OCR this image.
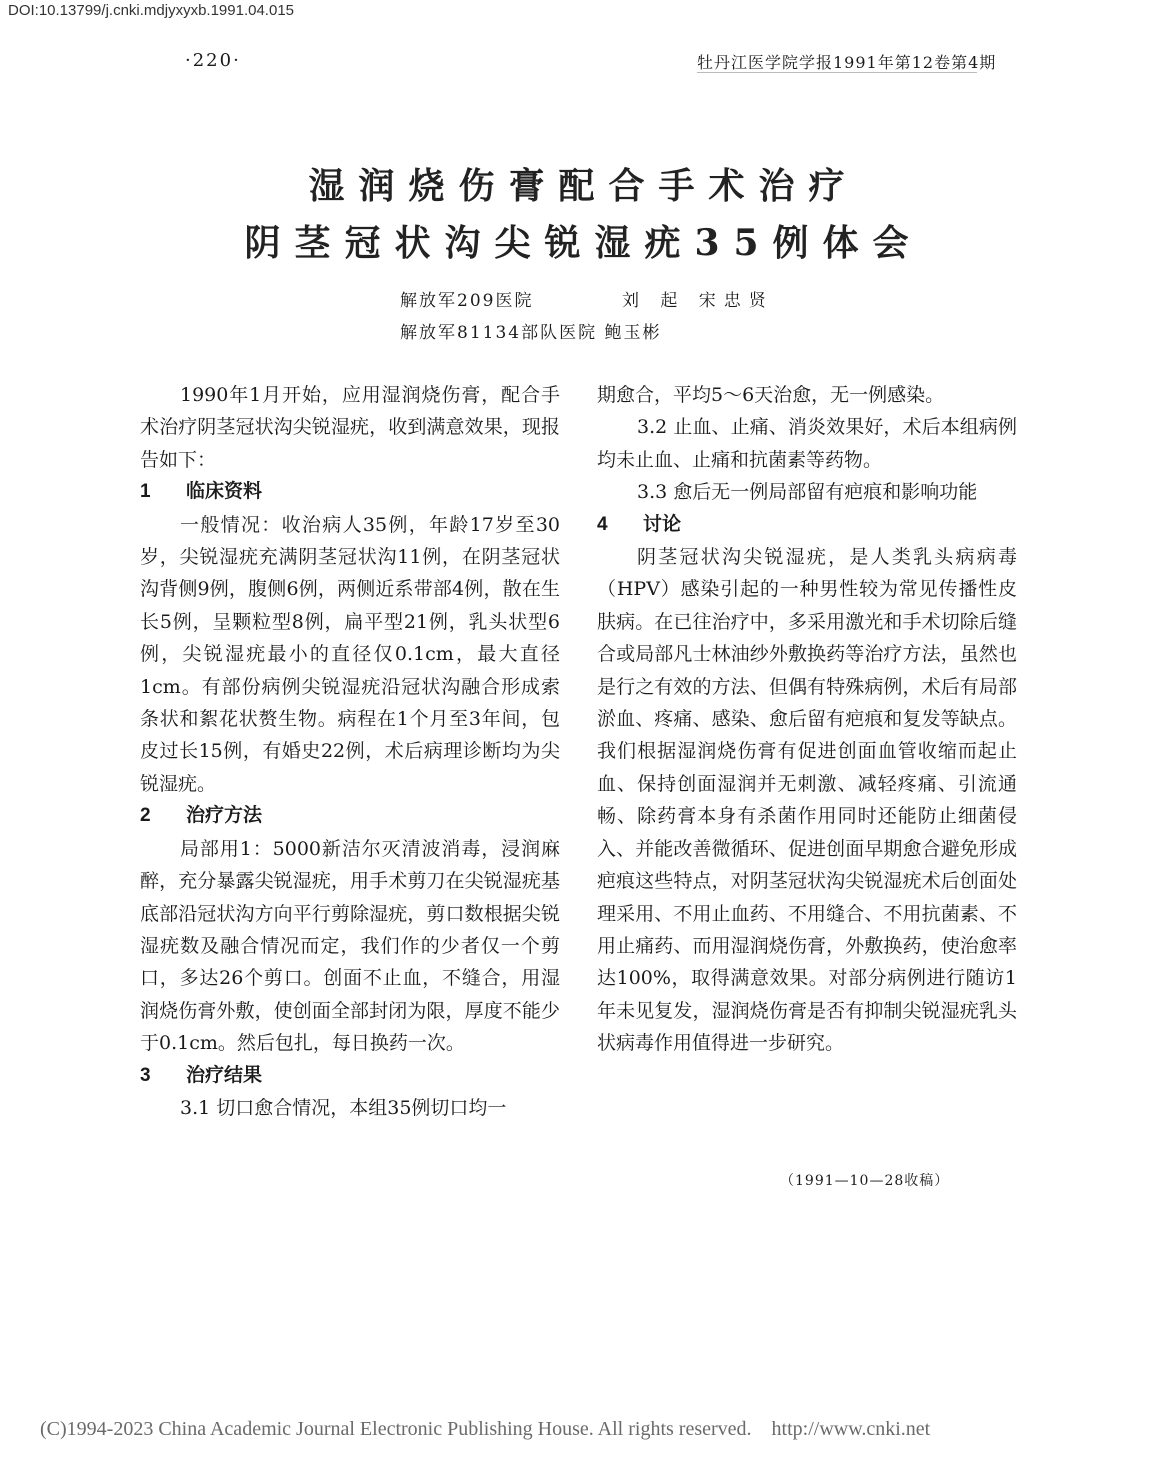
DOI:10.13799/j.cnki.mdjyxyxb.1991.04.015
·220·	牡丹江医学院学报1991年第12卷第4期
湿润烧伤膏配合手术治疗
阴茎冠状沟尖锐湿疣35例体会
解放军209医院	刘 起 宋忠贤
解放军81134部队医院 鲍玉彬

1990年1月开始，应用湿润烧伤膏，配合手术治疗阴茎冠状沟尖锐湿疣，收到满意效果，现报告如下：

1 临床资料

一般情况：收治病人35例，年龄17岁至30岁，尖锐湿疣充满阴茎冠状沟11例，在阴茎冠状沟背侧9例，腹侧6例，两侧近系带部4例，散在生长5例，呈颗粒型8例，扁平型21例，乳头状型6例，尖锐湿疣最小的直径仅0.1cm，最大直径1cm。有部份病例尖锐湿疣沿冠状沟融合形成索条状和絮花状赘生物。病程在1个月至3年间，包皮过长15例，有婚史22例，术后病理诊断均为尖锐湿疣。

2 治疗方法

局部用1：5000新洁尔灭清波消毒，浸润麻醉，充分暴露尖锐湿疣，用手术剪刀在尖锐湿疣基底部沿冠状沟方向平行剪除湿疣，剪口数根据尖锐湿疣数及融合情况而定，我们作的少者仅一个剪口，多达26个剪口。创面不止血，不缝合，用湿润烧伤膏外敷，使创面全部封闭为限，厚度不能少于0.1cm。然后包扎，每日换药一次。

3 治疗结果

3.1 切口愈合情况，本组35例切口均一

期愈合，平均5～6天治愈，无一例感染。

3.2 止血、止痛、消炎效果好，术后本组病例均未止血、止痛和抗菌素等药物。

3.3 愈后无一例局部留有疤痕和影响功能

4 讨论

阴茎冠状沟尖锐湿疣，是人类乳头病病毒（HPV）感染引起的一种男性较为常见传播性皮肤病。在已往治疗中，多采用激光和手术切除后缝合或局部凡士林油纱外敷换药等治疗方法，虽然也是行之有效的方法、但偶有特殊病例，术后有局部淤血、疼痛、感染、愈后留有疤痕和复发等缺点。我们根据湿润烧伤膏有促进创面血管收缩而起止血、保持创面湿润并无刺激、减轻疼痛、引流通畅、除药膏本身有杀菌作用同时还能防止细菌侵入、并能改善微循环、促进创面早期愈合避免形成疤痕这些特点，对阴茎冠状沟尖锐湿疣术后创面处理采用、不用止血药、不用缝合、不用抗菌素、不用止痛药、而用湿润烧伤膏，外敷换药，使治愈率达100%，取得满意效果。对部分病例进行随访1年未见复发，湿润烧伤膏是否有抑制尖锐湿疣乳头状病毒作用值得进一步研究。

（1991—10—28收稿）
(C)1994-2023 China Academic Journal Electronic Publishing House. All rights reserved. http://www.cnki.net
